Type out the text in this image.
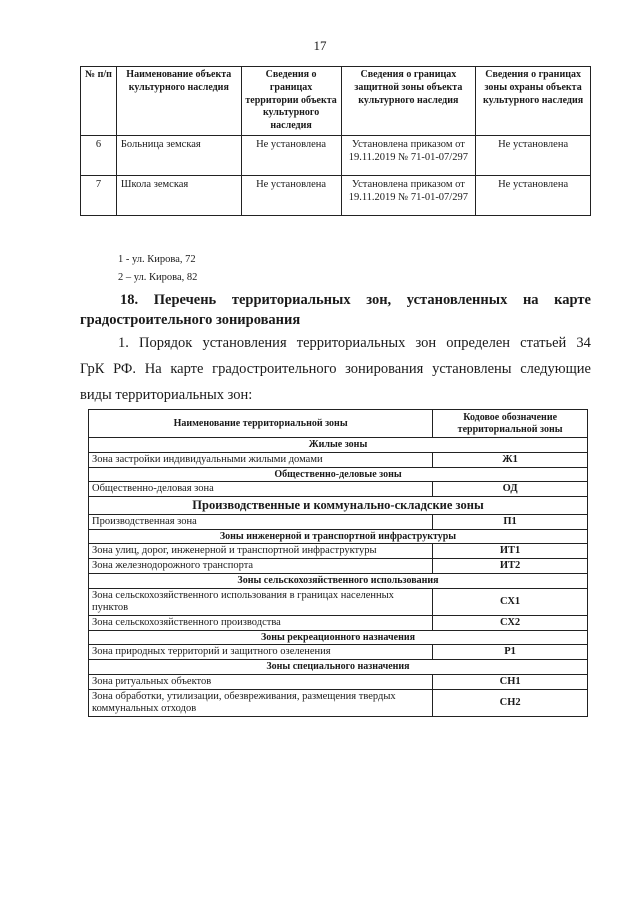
17
№ п/п	Наименование объекта культурного наследия	Сведения о границах территории объекта культурного наследия	Сведения о границах защитной зоны объекта культурного наследия	Сведения о границах зоны охраны объекта культурного наследия
6	Больница земская	Не установлена	Установлена приказом от 19.11.2019 № 71-01-07/297	Не установлена
7	Школа земская	Не установлена	Установлена приказом от 19.11.2019 № 71-01-07/297	Не установлена
1 - ул. Кирова, 72
2 – ул. Кирова, 82
18. Перечень территориальных зон, установленных на карте
градостроительного зонирования
1. Порядок установления территориальных зон определен статьей 34
ГрК РФ. На карте градостроительного зонирования установлены следующие
виды территориальных зон:
Наименование территориальной зоны	Кодовое обозначение территориальной зоны
Жилые зоны	
Зона застройки индивидуальными жилыми домами	Ж1
Общественно-деловые зоны	
Общественно-деловая зона	ОД
Производственные и коммунально-складские зоны	
Производственная зона	П1
Зоны инженерной и транспортной инфраструктуры	
Зона улиц, дорог, инженерной и транспортной инфраструктуры	ИТ1
Зона железнодорожного транспорта	ИТ2
Зоны сельскохозяйственного использования	
Зона сельскохозяйственного использования в границах населенных пунктов	СХ1
Зона сельскохозяйственного производства	СХ2
Зоны рекреационного назначения	
Зона природных территорий и защитного озеленения	Р1
Зоны специального назначения	
Зона ритуальных объектов	СН1
Зона обработки, утилизации, обезвреживания, размещения твердых коммунальных отходов	СН2
